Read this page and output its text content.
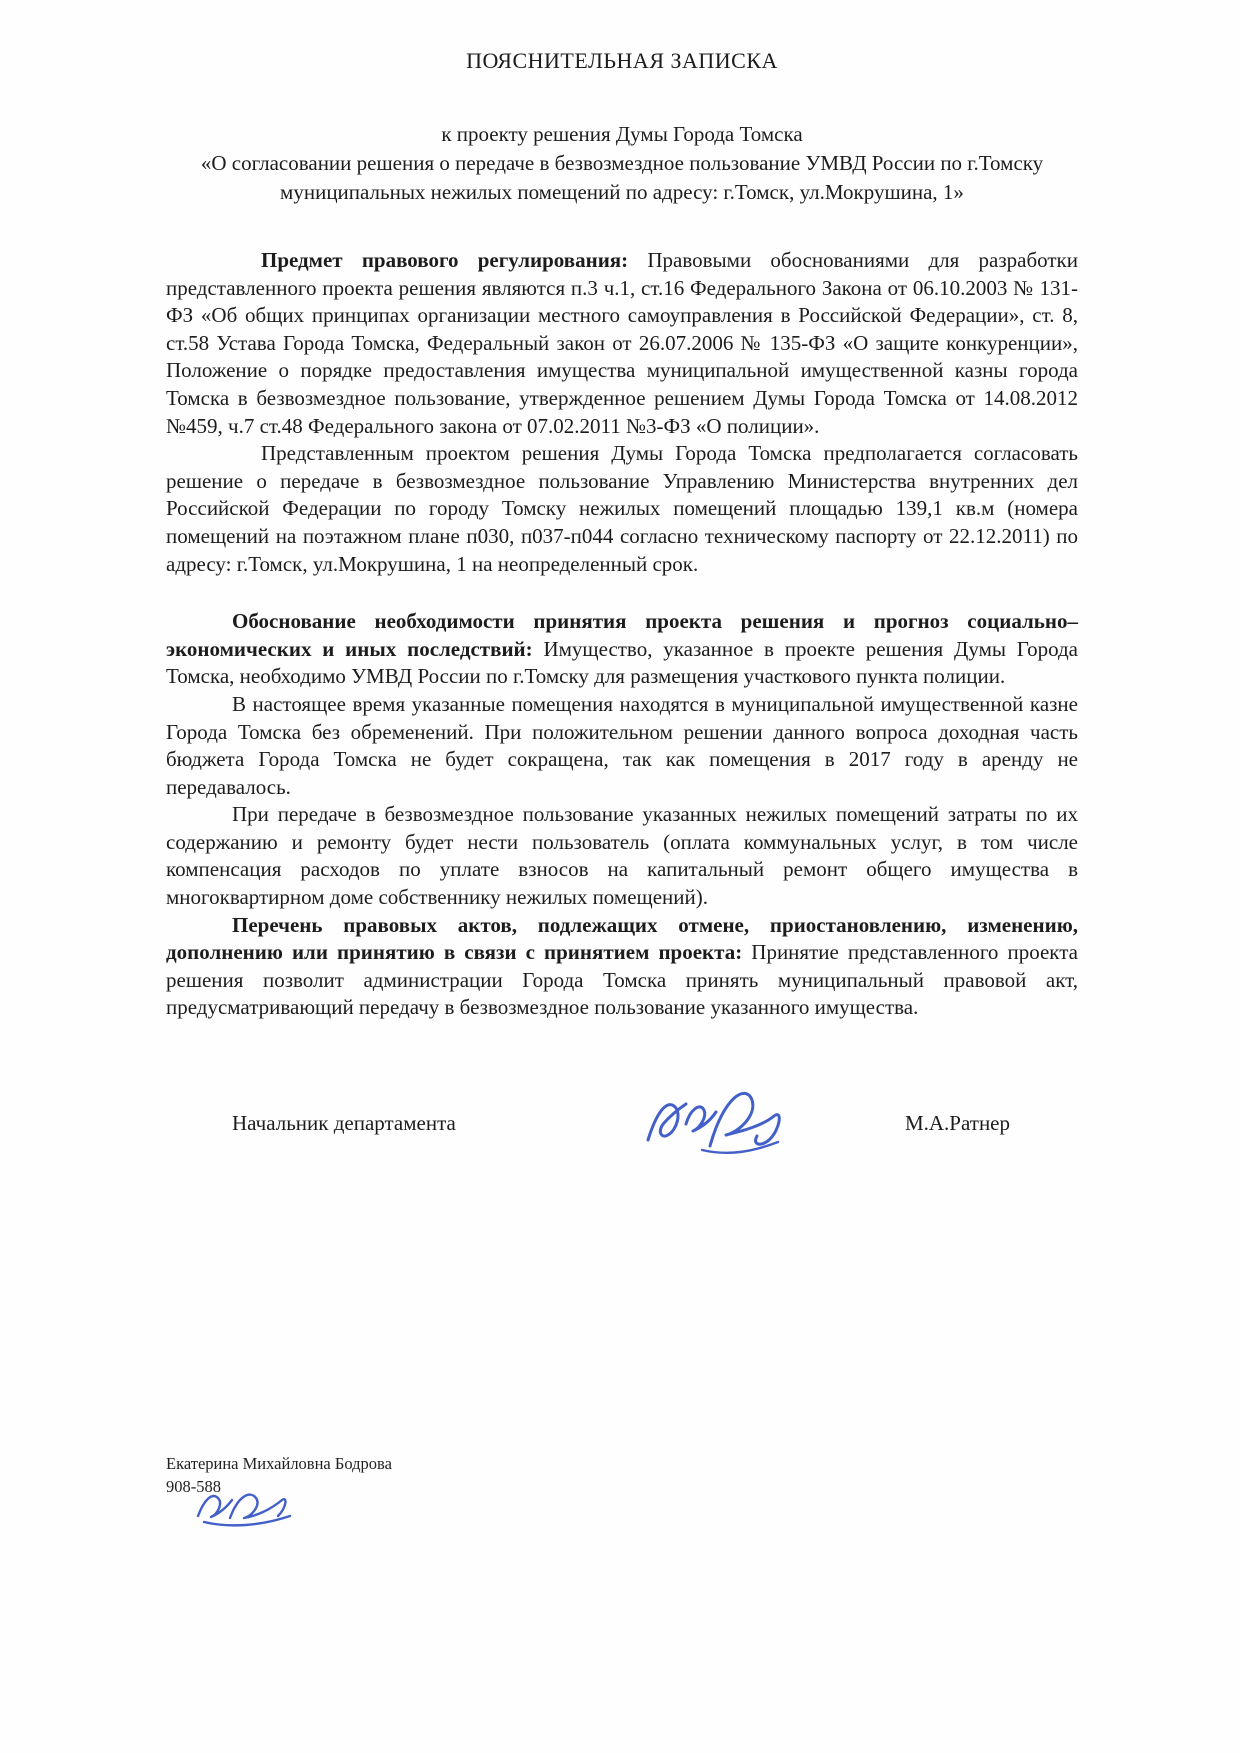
ПОЯСНИТЕЛЬНАЯ ЗАПИСКА
к проекту решения Думы Города Томска
«О согласовании решения о передаче в безвозмездное пользование УМВД России по г.Томску
муниципальных нежилых помещений по адресу: г.Томск, ул.Мокрушина, 1»

Предмет правового регулирования: Правовыми обоснованиями для разработки представленного проекта решения являются п.3 ч.1, ст.16 Федерального Закона от 06.10.2003 № 131-ФЗ «Об общих принципах организации местного самоуправления в Российской Федерации», ст. 8, ст.58 Устава Города Томска, Федеральный закон от 26.07.2006 № 135-ФЗ «О защите конкуренции», Положение о порядке предоставления имущества муниципальной имущественной казны города Томска в безвозмездное пользование, утвержденное решением Думы Города Томска от 14.08.2012 №459, ч.7 ст.48 Федерального закона от 07.02.2011 №3-ФЗ «О полиции».

Представленным проектом решения Думы Города Томска предполагается согласовать решение о передаче в безвозмездное пользование Управлению Министерства внутренних дел Российской Федерации по городу Томску нежилых помещений площадью 139,1 кв.м (номера помещений на поэтажном плане п030, п037-п044 согласно техническому паспорту от 22.12.2011) по адресу: г.Томск, ул.Мокрушина, 1 на неопределенный срок.

Обоснование необходимости принятия проекта решения и прогноз социально–экономических и иных последствий: Имущество, указанное в проекте решения Думы Города Томска, необходимо УМВД России по г.Томску для размещения участкового пункта полиции.

В настоящее время указанные помещения находятся в муниципальной имущественной казне Города Томска без обременений. При положительном решении данного вопроса доходная часть бюджета Города Томска не будет сокращена, так как помещения в 2017 году в аренду не передавалось.

При передаче в безвозмездное пользование указанных нежилых помещений затраты по их содержанию и ремонту будет нести пользователь (оплата коммунальных услуг, в том числе компенсация расходов по уплате взносов на капитальный ремонт общего имущества в многоквартирном доме собственнику нежилых помещений).

Перечень правовых актов, подлежащих отмене, приостановлению, изменению, дополнению или принятию в связи с принятием проекта: Принятие представленного проекта решения позволит администрации Города Томска принять муниципальный правовой акт, предусматривающий передачу в безвозмездное пользование указанного имущества.

Начальник департамента	М.А.Ратнер
Екатерина Михайловна Бодрова
908-588
